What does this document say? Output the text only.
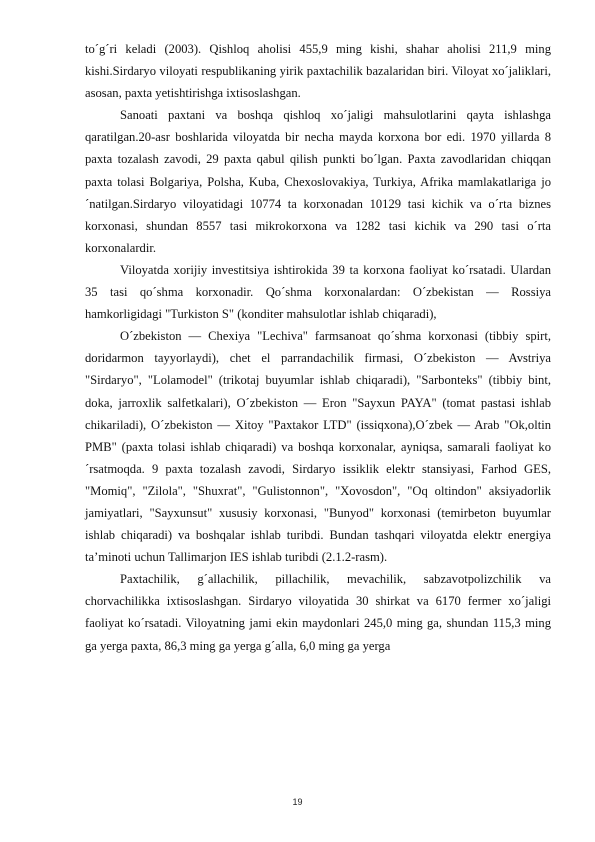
to´g´ri keladi (2003). Qishloq aholisi 455,9 ming kishi, shahar aholisi 211,9 ming kishi.Sirdaryo viloyati respublikaning yirik paxtachilik bazalaridan biri. Viloyat xo´jaliklari, asosan, paxta yetishtirishga ixtisoslashgan.

Sanoati paxtani va boshqa qishloq xo´jaligi mahsulotlarini qayta ishlashga qaratilgan.20-asr boshlarida viloyatda bir necha mayda korxona bor edi. 1970 yillarda 8 paxta tozalash zavodi, 29 paxta qabul qilish punkti bo´lgan. Paxta zavodlaridan chiqqan paxta tolasi Bolgariya, Polsha, Kuba, Chexoslovakiya, Turkiya, Afrika mamlakatlariga jo´natilgan.Sirdaryo viloyatidagi 10774 ta korxonadan 10129 tasi kichik va o´rta biznes korxonasi, shundan 8557 tasi mikrokorxona va 1282 tasi kichik va 290 tasi o´rta korxonalardir.

Viloyatda xorijiy investitsiya ishtirokida 39 ta korxona faoliyat ko´rsatadi. Ulardan 35 tasi qo´shma korxonadir. Qo´shma korxonalardan: O´zbekistan — Rossiya hamkorligidagi "Turkiston S" (konditer mahsulotlar ishlab chiqaradi),

O´zbekiston — Chexiya "Lechiva" farmsanoat qo´shma korxonasi (tibbiy spirt, doridarmon tayyorlaydi), chet el parrandachilik firmasi, O´zbekiston — Avstriya "Sirdaryo", "Lolamodel" (trikotaj buyumlar ishlab chiqaradi), "Sarbonteks" (tibbiy bint, doka, jarroxlik salfetkalari), O´zbekiston — Eron "Sayxun PAYA" (tomat pastasi ishlab chikariladi), O´zbekiston — Xitoy "Paxtakor LTD" (issiqxona),O´zbek — Arab "Ok,oltin PMB" (paxta tolasi ishlab chiqaradi) va boshqa korxonalar, ayniqsa, samarali faoliyat ko´rsatmoqda. 9 paxta tozalash zavodi, Sirdaryo issiklik elektr stansiyasi, Farhod GES, "Momiq", "Zilola", "Shuxrat", "Gulistonnon", "Xovosdon", "Oq oltindon" aksiyadorlik jamiyatlari, "Sayxunsut" xususiy korxonasi, "Bunyod" korxonasi (temirbeton buyumlar ishlab chiqaradi) va boshqalar ishlab turibdi. Bundan tashqari viloyatda elektr energiya ta’minoti uchun Tallimarjon IES ishlab turibdi (2.1.2-rasm).

Paxtachilik, g´allachilik, pillachilik, mevachilik, sabzavotpolizchilik va chorvachilikka ixtisoslashgan. Sirdaryo viloyatida 30 shirkat va 6170 fermer xo´jaligi faoliyat ko´rsatadi. Viloyatning jami ekin maydonlari 245,0 ming ga, shundan 115,3 ming ga yerga paxta, 86,3 ming ga yerga g´alla, 6,0 ming ga yerga

19
